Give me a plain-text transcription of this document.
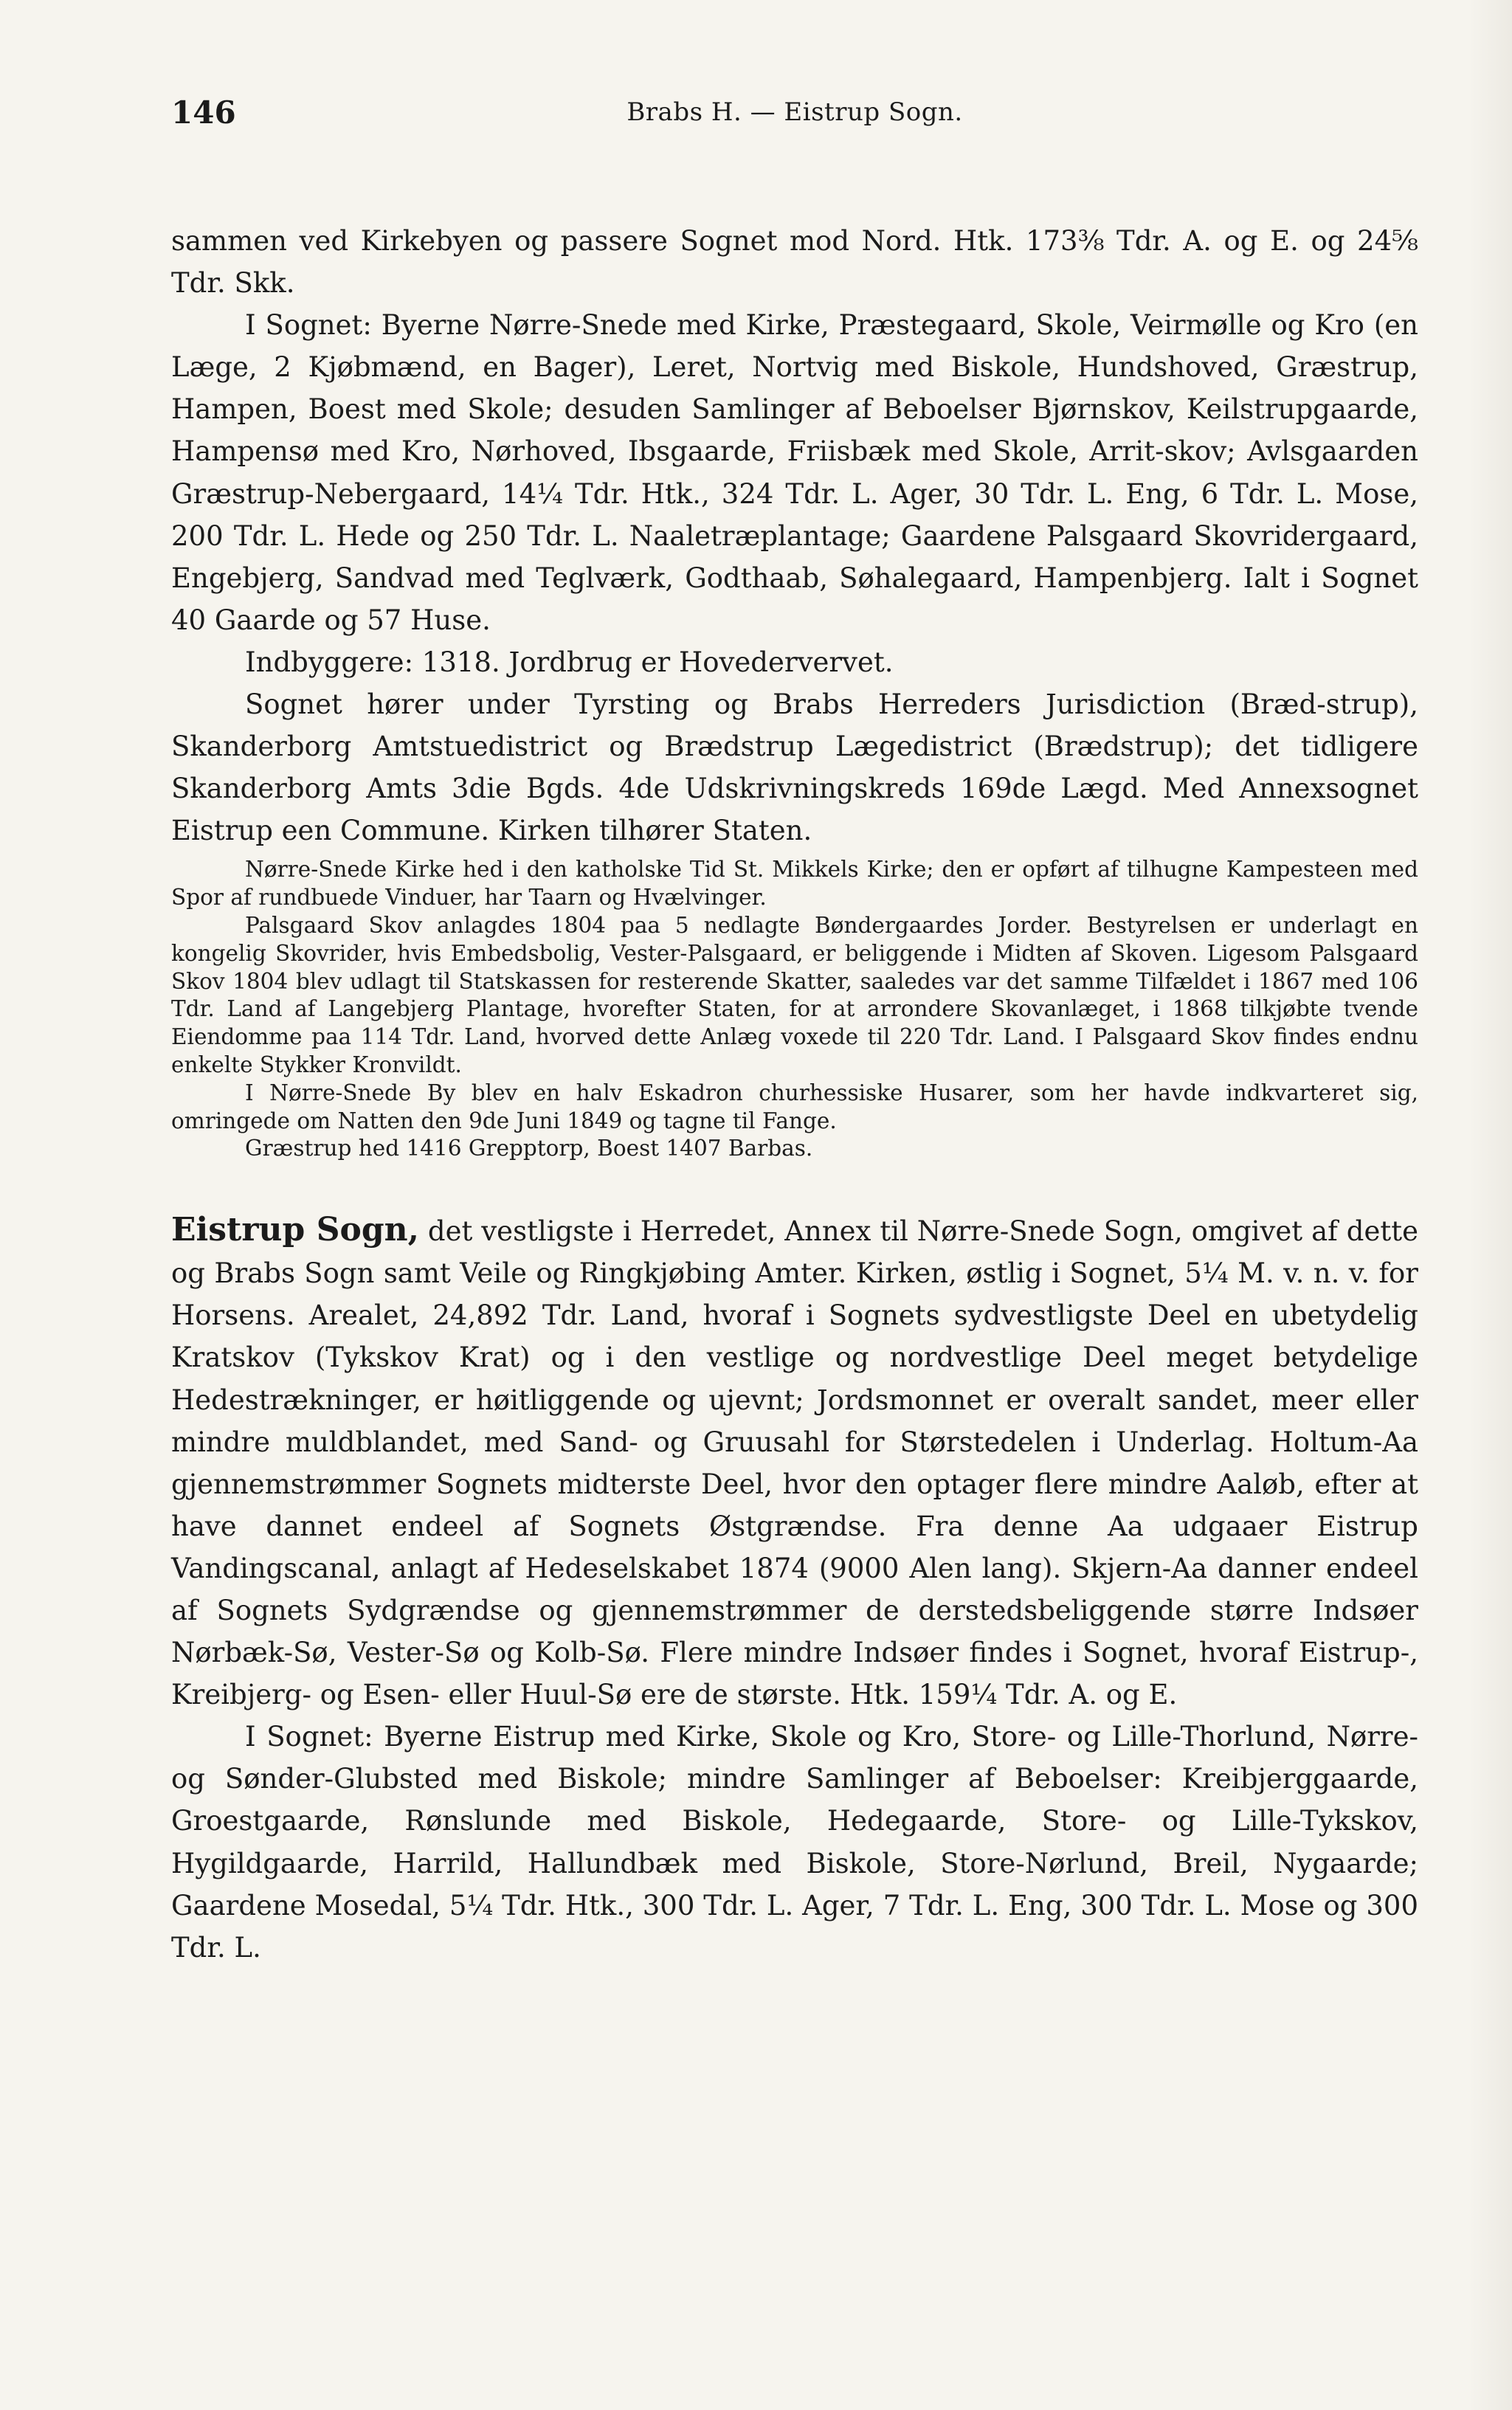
146	Brabs H. — Eistrup Sogn.

sammen ved Kirkebyen og passere Sognet mod Nord. Htk. 173⅜ Tdr. A. og E. og 24⅝ Tdr. Skk.

I Sognet: Byerne Nørre-Snede med Kirke, Præstegaard, Skole, Veirmølle og Kro (en Læge, 2 Kjøbmænd, en Bager), Leret, Nortvig med Biskole, Hundshoved, Græstrup, Hampen, Boest med Skole; desuden Samlinger af Beboelser Bjørnskov, Keilstrupgaarde, Hampensø med Kro, Nørhoved, Ibsgaarde, Friisbæk med Skole, Arrit-skov; Avlsgaarden Græstrup-Nebergaard, 14¼ Tdr. Htk., 324 Tdr. L. Ager, 30 Tdr. L. Eng, 6 Tdr. L. Mose, 200 Tdr. L. Hede og 250 Tdr. L. Naaletræplantage; Gaardene Palsgaard Skovridergaard, Engebjerg, Sandvad med Teglværk, Godthaab, Søhalegaard, Hampenbjerg. Ialt i Sognet 40 Gaarde og 57 Huse.

Indbyggere: 1318. Jordbrug er Hovedervervet.

Sognet hører under Tyrsting og Brabs Herreders Jurisdiction (Bræd-strup), Skanderborg Amtstuedistrict og Brædstrup Lægedistrict (Brædstrup); det tidligere Skanderborg Amts 3die Bgds. 4de Udskrivningskreds 169de Lægd. Med Annexsognet Eistrup een Commune. Kirken tilhører Staten.

Nørre-Snede Kirke hed i den katholske Tid St. Mikkels Kirke; den er opført af tilhugne Kampesteen med Spor af rundbuede Vinduer, har Taarn og Hvælvinger.

Palsgaard Skov anlagdes 1804 paa 5 nedlagte Bøndergaardes Jorder. Bestyrelsen er underlagt en kongelig Skovrider, hvis Embedsbolig, Vester-Palsgaard, er beliggende i Midten af Skoven. Ligesom Palsgaard Skov 1804 blev udlagt til Statskassen for resterende Skatter, saaledes var det samme Tilfældet i 1867 med 106 Tdr. Land af Langebjerg Plantage, hvorefter Staten, for at arrondere Skovanlæget, i 1868 tilkjøbte tvende Eiendomme paa 114 Tdr. Land, hvorved dette Anlæg voxede til 220 Tdr. Land. I Palsgaard Skov findes endnu enkelte Stykker Kronvildt.

I Nørre-Snede By blev en halv Eskadron churhessiske Husarer, som her havde indkvarteret sig, omringede om Natten den 9de Juni 1849 og tagne til Fange.

Græstrup hed 1416 Grepptorp, Boest 1407 Barbas.

Eistrup Sogn, det vestligste i Herredet, Annex til Nørre-Snede Sogn, omgivet af dette og Brabs Sogn samt Veile og Ringkjøbing Amter. Kirken, østlig i Sognet, 5¼ M. v. n. v. for Horsens. Arealet, 24,892 Tdr. Land, hvoraf i Sognets sydvestligste Deel en ubetydelig Kratskov (Tykskov Krat) og i den vestlige og nordvestlige Deel meget betydelige Hedestrækninger, er høitliggende og ujevnt; Jordsmonnet er overalt sandet, meer eller mindre muldblandet, med Sand- og Gruusahl for Størstedelen i Underlag. Holtum-Aa gjennemstrømmer Sognets midterste Deel, hvor den optager flere mindre Aaløb, efter at have dannet endeel af Sognets Østgrændse. Fra denne Aa udgaaer Eistrup Vandingscanal, anlagt af Hedeselskabet 1874 (9000 Alen lang). Skjern-Aa danner endeel af Sognets Sydgrændse og gjennemstrømmer de derstedsbeliggende større Indsøer Nørbæk-Sø, Vester-Sø og Kolb-Sø. Flere mindre Indsøer findes i Sognet, hvoraf Eistrup-, Kreibjerg- og Esen- eller Huul-Sø ere de største. Htk. 159¼ Tdr. A. og E.

I Sognet: Byerne Eistrup med Kirke, Skole og Kro, Store- og Lille-Thorlund, Nørre- og Sønder-Glubsted med Biskole; mindre Samlinger af Beboelser: Kreibjerggaarde, Groestgaarde, Rønslunde med Biskole, Hedegaarde, Store- og Lille-Tykskov, Hygildgaarde, Harrild, Hallundbæk med Biskole, Store-Nørlund, Breil, Nygaarde; Gaardene Mosedal, 5¼ Tdr. Htk., 300 Tdr. L. Ager, 7 Tdr. L. Eng, 300 Tdr. L. Mose og 300 Tdr. L.
